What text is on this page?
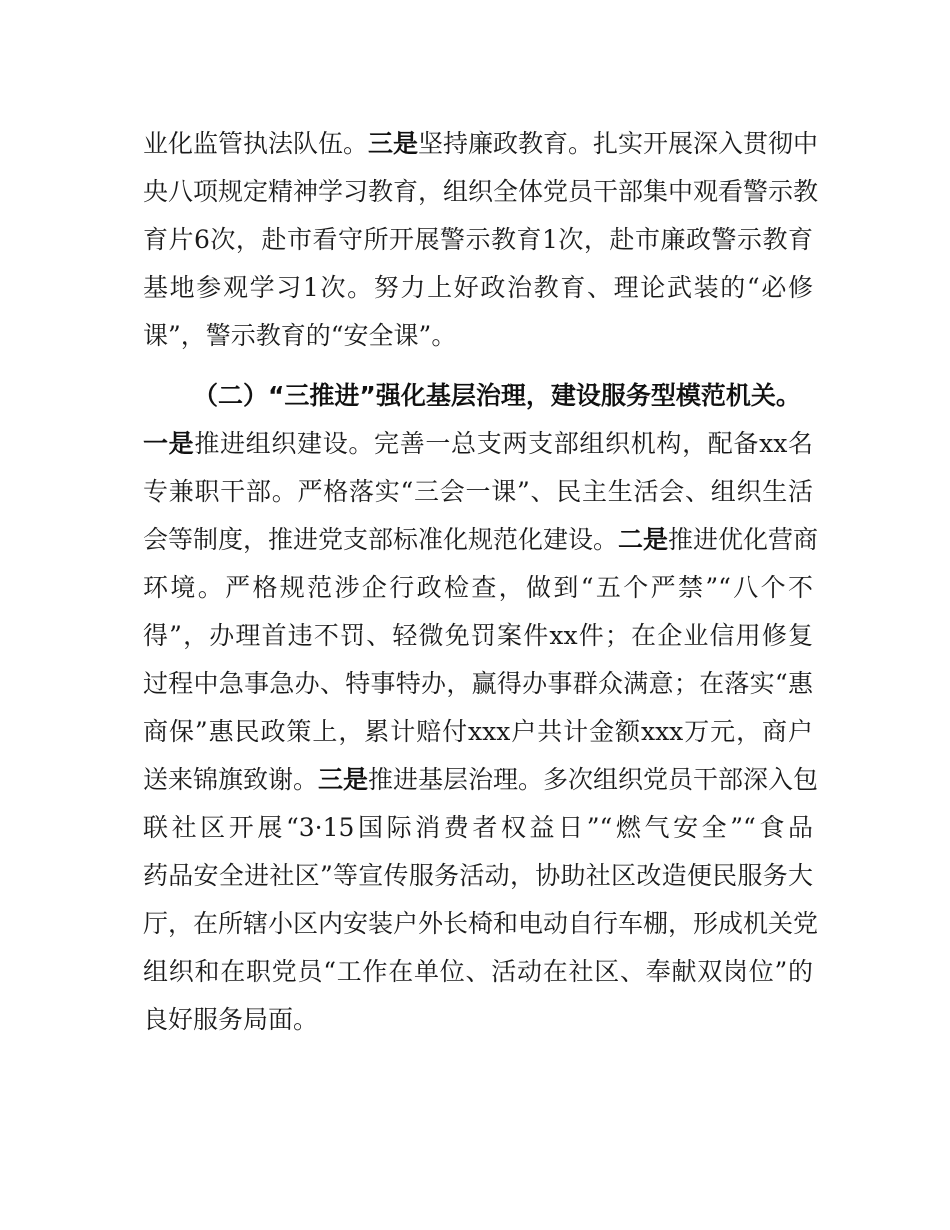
业化监管执法队伍。三是坚持廉政教育。扎实开展深入贯彻中
央八项规定精神学习教育，组织全体党员干部集中观看警示教
育片6次，赴市看守所开展警示教育1次，赴市廉政警示教育
基地参观学习1次。努力上好政治教育、理论武装的“必修
课”，警示教育的“安全课”。
（二）“三推进”强化基层治理，建设服务型模范机关。
一是推进组织建设。完善一总支两支部组织机构，配备xx名
专兼职干部。严格落实“三会一课”、民主生活会、组织生活
会等制度，推进党支部标准化规范化建设。二是推进优化营商
环境。严格规范涉企行政检查，做到“五个严禁”“八个不
得”，办理首违不罚、轻微免罚案件xx件；在企业信用修复
过程中急事急办、特事特办，赢得办事群众满意；在落实“惠
商保”惠民政策上，累计赔付xxx户共计金额xxx万元，商户
送来锦旗致谢。三是推进基层治理。多次组织党员干部深入包
联社区开展“3·15国际消费者权益日”“燃气安全”“食品
药品安全进社区”等宣传服务活动，协助社区改造便民服务大
厅，在所辖小区内安装户外长椅和电动自行车棚，形成机关党
组织和在职党员“工作在单位、活动在社区、奉献双岗位”的
良好服务局面。
